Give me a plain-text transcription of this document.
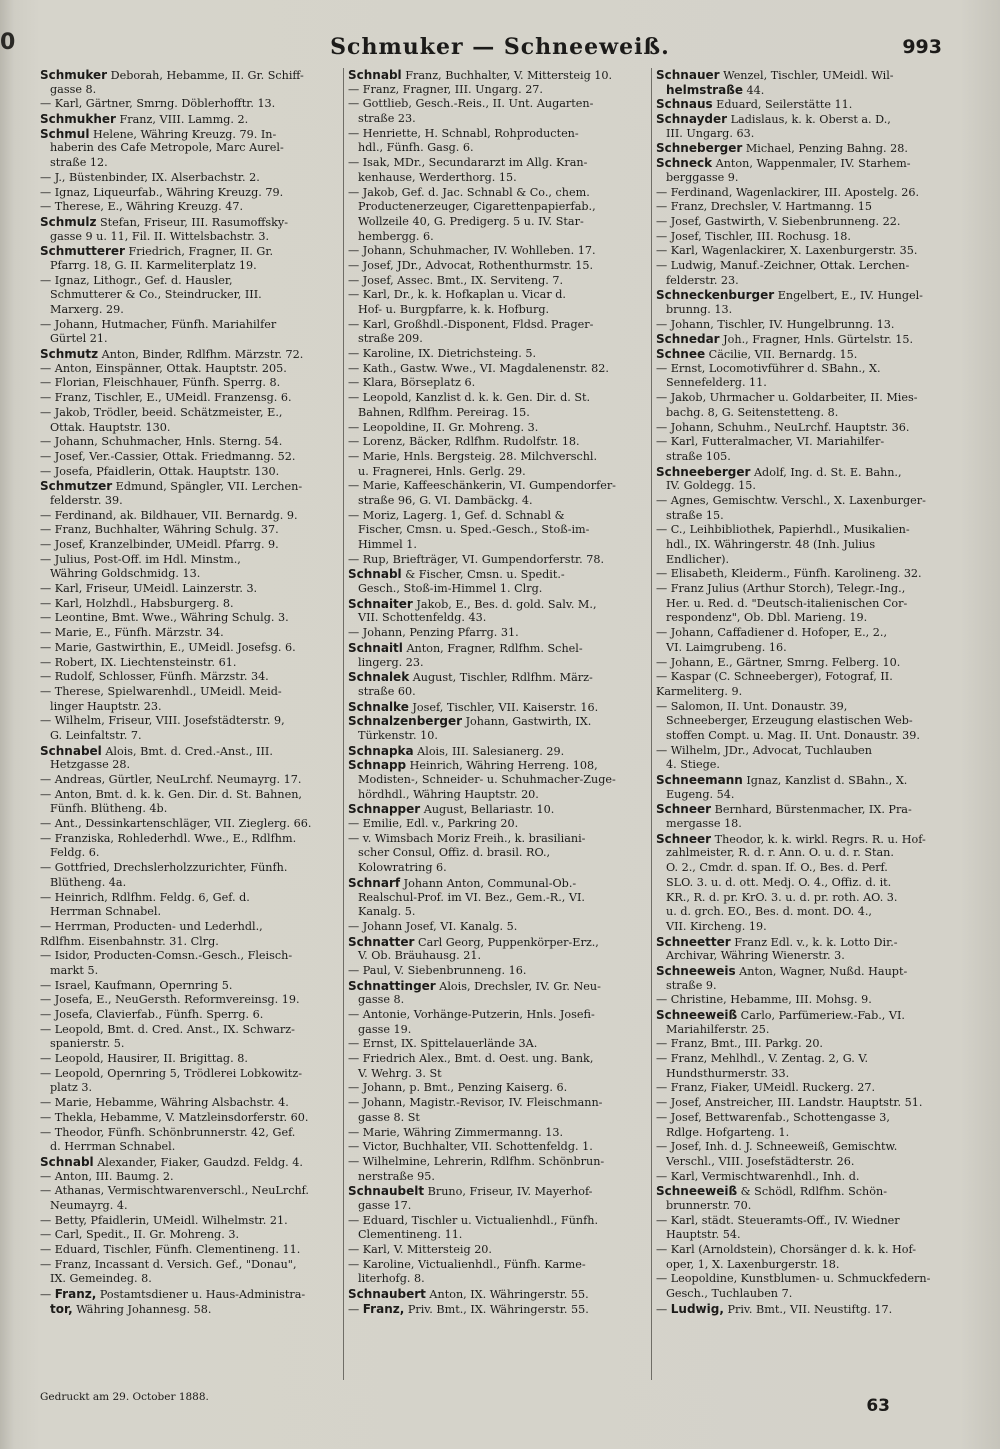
0	Schmuker — Schneeweiß.	993
Schmuker Deborah, Hebamme, II. Gr. Schiff-
gasse 8.
— Karl, Gärtner, Smrng. Döblerhofftr. 13.
Schmukher Franz, VIII. Lammg. 2.
Schmul Helene, Währing Kreuzg. 79. In-
haberin des Cafe Metropole, Marc Aurel-
straße 12.
— J., Büstenbinder, IX. Alserbachstr. 2.
— Ignaz, Liqueurfab., Währing Kreuzg. 79.
— Therese, E., Währing Kreuzg. 47.
Schmulz Stefan, Friseur, III. Rasumoffsky-
gasse 9 u. 11, Fil. II. Wittelsbachstr. 3.
Schmutterer Friedrich, Fragner, II. Gr.
Pfarrg. 18, G. II. Karmeliterplatz 19.
— Ignaz, Lithogr., Gef. d. Hausler,
Schmutterer & Co., Steindrucker, III.
Marxerg. 29.
— Johann, Hutmacher, Fünfh. Mariahilfer
Gürtel 21.
Schmutz Anton, Binder, Rdlfhm. Märzstr. 72.
— Anton, Einspänner, Ottak. Hauptstr. 205.
— Florian, Fleischhauer, Fünfh. Sperrg. 8.
— Franz, Tischler, E., UMeidl. Franzensg. 6.
— Jakob, Trödler, beeid. Schätzmeister, E.,
Ottak. Hauptstr. 130.
— Johann, Schuhmacher, Hnls. Sterng. 54.
— Josef, Ver.-Cassier, Ottak. Friedmanng. 52.
— Josefa, Pfaidlerin, Ottak. Hauptstr. 130.
Schmutzer Edmund, Spängler, VII. Lerchen-
felderstr. 39.
— Ferdinand, ak. Bildhauer, VII. Bernardg. 9.
— Franz, Buchhalter, Währing Schulg. 37.
— Josef, Kranzelbinder, UMeidl. Pfarrg. 9.
— Julius, Post-Off. im Hdl. Minstm.,
Währing Goldschmidg. 13.
— Karl, Friseur, UMeidl. Lainzerstr. 3.
— Karl, Holzhdl., Habsburgerg. 8.
— Leontine, Bmt. Wwe., Währing Schulg. 3.
— Marie, E., Fünfh. Märzstr. 34.
— Marie, Gastwirthin, E., UMeidl. Josefsg. 6.
— Robert, IX. Liechtensteinstr. 61.
— Rudolf, Schlosser, Fünfh. Märzstr. 34.
— Therese, Spielwarenhdl., UMeidl. Meid-
linger Hauptstr. 23.
— Wilhelm, Friseur, VIII. Josefstädterstr. 9,
G. Leinfaltstr. 7.
Schnabel Alois, Bmt. d. Cred.-Anst., III.
Hetzgasse 28.
— Andreas, Gürtler, NeuLrchf. Neumayrg. 17.
— Anton, Bmt. d. k. k. Gen. Dir. d. St. Bahnen,
Fünfh. Blütheng. 4b.
— Ant., Dessinkartenschläger, VII. Zieglerg. 66.
— Franziska, Rohlederhdl. Wwe., E., Rdlfhm.
Feldg. 6.
— Gottfried, Drechslerholzzurichter, Fünfh.
Blütheng. 4a.
— Heinrich, Rdlfhm. Feldg. 6, Gef. d.
Herrman Schnabel.
— Herrman, Producten- und Lederhdl.,
Rdlfhm. Eisenbahnstr. 31. Clrg.
— Isidor, Producten-Comsn.-Gesch., Fleisch-
markt 5.
— Israel, Kaufmann, Opernring 5.
— Josefa, E., NeuGersth. Reformvereinsg. 19.
— Josefa, Clavierfab., Fünfh. Sperrg. 6.
— Leopold, Bmt. d. Cred. Anst., IX. Schwarz-
spanierstr. 5.
— Leopold, Hausirer, II. Brigittag. 8.
— Leopold, Opernring 5, Trödlerei Lobkowitz-
platz 3.
— Marie, Hebamme, Währing Alsbachstr. 4.
— Thekla, Hebamme, V. Matzleinsdorferstr. 60.
— Theodor, Fünfh. Schönbrunnerstr. 42, Gef.
d. Herrman Schnabel.
Schnabl Alexander, Fiaker, Gaudzd. Feldg. 4.
— Anton, III. Baumg. 2.
— Athanas, Vermischtwarenverschl., NeuLrchf.
Neumayrg. 4.
— Betty, Pfaidlerin, UMeidl. Wilhelmstr. 21.
— Carl, Spedit., II. Gr. Mohreng. 3.
— Eduard, Tischler, Fünfh. Clementineng. 11.
— Franz, Incassant d. Versich. Gef., "Donau",
IX. Gemeindeg. 8.
— Franz, Postamtsdiener u. Haus-Administra-
tor, Währing Johannesg. 58.
Schnabl Franz, Buchhalter, V. Mittersteig 10.
— Franz, Fragner, III. Ungarg. 27.
— Gottlieb, Gesch.-Reis., II. Unt. Augarten-
straße 23.
— Henriette, H. Schnabl, Rohproducten-
hdl., Fünfh. Gasg. 6.
— Isak, MDr., Secundararzt im Allg. Kran-
kenhause, Werderthorg. 15.
— Jakob, Gef. d. Jac. Schnabl & Co., chem.
Productenerzeuger, Cigarettenpapierfab.,
Wollzeile 40, G. Predigerg. 5 u. IV. Star-
hembergg. 6.
— Johann, Schuhmacher, IV. Wohlleben. 17.
— Josef, JDr., Advocat, Rothenthurmstr. 15.
— Josef, Assec. Bmt., IX. Serviteng. 7.
— Karl, Dr., k. k. Hofkaplan u. Vicar d.
Hof- u. Burgpfarre, k. k. Hofburg.
— Karl, Großhdl.-Disponent, Fldsd. Prager-
straße 209.
— Karoline, IX. Dietrichsteing. 5.
— Kath., Gastw. Wwe., VI. Magdalenenstr. 82.
— Klara, Börseplatz 6.
— Leopold, Kanzlist d. k. k. Gen. Dir. d. St.
Bahnen, Rdlfhm. Pereirag. 15.
— Leopoldine, II. Gr. Mohreng. 3.
— Lorenz, Bäcker, Rdlfhm. Rudolfstr. 18.
— Marie, Hnls. Bergsteig. 28. Milchverschl.
u. Fragnerei, Hnls. Gerlg. 29.
— Marie, Kaffeeschänkerin, VI. Gumpendorfer-
straße 96, G. VI. Dambäckg. 4.
— Moriz, Lagerg. 1, Gef. d. Schnabl &
Fischer, Cmsn. u. Sped.-Gesch., Stoß-im-
Himmel 1.
— Rup, Briefträger, VI. Gumpendorferstr. 78.
Schnabl & Fischer, Cmsn. u. Spedit.-
Gesch., Stoß-im-Himmel 1. Clrg.
Schnaiter Jakob, E., Bes. d. gold. Salv. M.,
VII. Schottenfeldg. 43.
— Johann, Penzing Pfarrg. 31.
Schnaitl Anton, Fragner, Rdlfhm. Schel-
lingerg. 23.
Schnalek August, Tischler, Rdlfhm. März-
straße 60.
Schnalke Josef, Tischler, VII. Kaiserstr. 16.
Schnalzenberger Johann, Gastwirth, IX.
Türkenstr. 10.
Schnapka Alois, III. Salesianerg. 29.
Schnapp Heinrich, Währing Herreng. 108,
Modisten-, Schneider- u. Schuhmacher-Zuge-
hördhdl., Währing Hauptstr. 20.
Schnapper August, Bellariastr. 10.
— Emilie, Edl. v., Parkring 20.
— v. Wimsbach Moriz Freih., k. brasiliani-
scher Consul, Offiz. d. brasil. RO.,
Kolowratring 6.
Schnarf Johann Anton, Communal-Ob.-
Realschul-Prof. im VI. Bez., Gem.-R., VI.
Kanalg. 5.
— Johann Josef, VI. Kanalg. 5.
Schnatter Carl Georg, Puppenkörper-Erz.,
V. Ob. Bräuhausg. 21.
— Paul, V. Siebenbrunneng. 16.
Schnattinger Alois, Drechsler, IV. Gr. Neu-
gasse 8.
— Antonie, Vorhänge-Putzerin, Hnls. Josefi-
gasse 19.
— Ernst, IX. Spittelauerlände 3A.
— Friedrich Alex., Bmt. d. Oest. ung. Bank,
V. Wehrg. 3. St
— Johann, p. Bmt., Penzing Kaiserg. 6.
— Johann, Magistr.-Revisor, IV. Fleischmann-
gasse 8. St
— Marie, Währing Zimmermanng. 13.
— Victor, Buchhalter, VII. Schottenfeldg. 1.
— Wilhelmine, Lehrerin, Rdlfhm. Schönbrun-
nerstraße 95.
Schnaubelt Bruno, Friseur, IV. Mayerhof-
gasse 17.
— Eduard, Tischler u. Victualienhdl., Fünfh.
Clementineng. 11.
— Karl, V. Mittersteig 20.
— Karoline, Victualienhdl., Fünfh. Karme-
literhofg. 8.
Schnaubert Anton, IX. Währingerstr. 55.
— Franz, Priv. Bmt., IX. Währingerstr. 55.
Schnauer Wenzel, Tischler, UMeidl. Wil-
helmstraße 44.
Schnaus Eduard, Seilerstätte 11.
Schnayder Ladislaus, k. k. Oberst a. D.,
III. Ungarg. 63.
Schneberger Michael, Penzing Bahng. 28.
Schneck Anton, Wappenmaler, IV. Starhem-
berggasse 9.
— Ferdinand, Wagenlackirer, III. Apostelg. 26.
— Franz, Drechsler, V. Hartmanng. 15
— Josef, Gastwirth, V. Siebenbrunneng. 22.
— Josef, Tischler, III. Rochusg. 18.
— Karl, Wagenlackirer, X. Laxenburgerstr. 35.
— Ludwig, Manuf.-Zeichner, Ottak. Lerchen-
felderstr. 23.
Schneckenburger Engelbert, E., IV. Hungel-
brunng. 13.
— Johann, Tischler, IV. Hungelbrunng. 13.
Schnedar Joh., Fragner, Hnls. Gürtelstr. 15.
Schnee Cäcilie, VII. Bernardg. 15.
— Ernst, Locomotivführer d. SBahn., X.
Sennefelderg. 11.
— Jakob, Uhrmacher u. Goldarbeiter, II. Mies-
bachg. 8, G. Seitenstetteng. 8.
— Johann, Schuhm., NeuLrchf. Hauptstr. 36.
— Karl, Futteralmacher, VI. Mariahilfer-
straße 105.
Schneeberger Adolf, Ing. d. St. E. Bahn.,
IV. Goldegg. 15.
— Agnes, Gemischtw. Verschl., X. Laxenburger-
straße 15.
— C., Leihbibliothek, Papierhdl., Musikalien-
hdl., IX. Währingerstr. 48 (Inh. Julius
Endlicher).
— Elisabeth, Kleiderm., Fünfh. Karolineng. 32.
— Franz Julius (Arthur Storch), Telegr.-Ing.,
Her. u. Red. d. "Deutsch-italienischen Cor-
respondenz", Ob. Dbl. Marieng. 19.
— Johann, Caffadiener d. Hofoper, E., 2.,
VI. Laimgrubeng. 16.
— Johann, E., Gärtner, Smrng. Felberg. 10.
— Kaspar (C. Schneeberger), Fotograf, II.
Karmeliterg. 9.
— Salomon, II. Unt. Donaustr. 39,
Schneeberger, Erzeugung elastischen Web-
stoffen Compt. u. Mag. II. Unt. Donaustr. 39.
— Wilhelm, JDr., Advocat, Tuchlauben
4. Stiege.
Schneemann Ignaz, Kanzlist d. SBahn., X.
Eugeng. 54.
Schneer Bernhard, Bürstenmacher, IX. Pra-
mergasse 18.
Schneer Theodor, k. k. wirkl. Regrs. R. u. Hof-
zahlmeister, R. d. r. Ann. O. u. d. r. Stan.
O. 2., Cmdr. d. span. If. O., Bes. d. Perf.
SLO. 3. u. d. ott. Medj. O. 4., Offiz. d. it.
KR., R. d. pr. KrO. 3. u. d. pr. roth. AO. 3.
u. d. grch. EO., Bes. d. mont. DO. 4.,
VII. Kircheng. 19.
Schneetter Franz Edl. v., k. k. Lotto Dir.-
Archivar, Währing Wienerstr. 3.
Schneeweis Anton, Wagner, Nußd. Haupt-
straße 9.
— Christine, Hebamme, III. Mohsg. 9.
Schneeweiß Carlo, Parfümeriew.-Fab., VI.
Mariahilferstr. 25.
— Franz, Bmt., III. Parkg. 20.
— Franz, Mehlhdl., V. Zentag. 2, G. V.
Hundsthurmerstr. 33.
— Franz, Fiaker, UMeidl. Ruckerg. 27.
— Josef, Anstreicher, III. Landstr. Hauptstr. 51.
— Josef, Bettwarenfab., Schottengasse 3,
Rdlge. Hofgarteng. 1.
— Josef, Inh. d. J. Schneeweiß, Gemischtw.
Verschl., VIII. Josefstädterstr. 26.
— Karl, Vermischtwarenhdl., Inh. d.
Schneeweiß & Schödl, Rdlfhm. Schön-
brunnerstr. 70.
— Karl, städt. Steueramts-Off., IV. Wiedner
Hauptstr. 54.
— Karl (Arnoldstein), Chorsänger d. k. k. Hof-
oper, 1, X. Laxenburgerstr. 18.
— Leopoldine, Kunstblumen- u. Schmuckfedern-
Gesch., Tuchlauben 7.
— Ludwig, Priv. Bmt., VII. Neustiftg. 17.
Gedruckt am 29. October 1888.	63
